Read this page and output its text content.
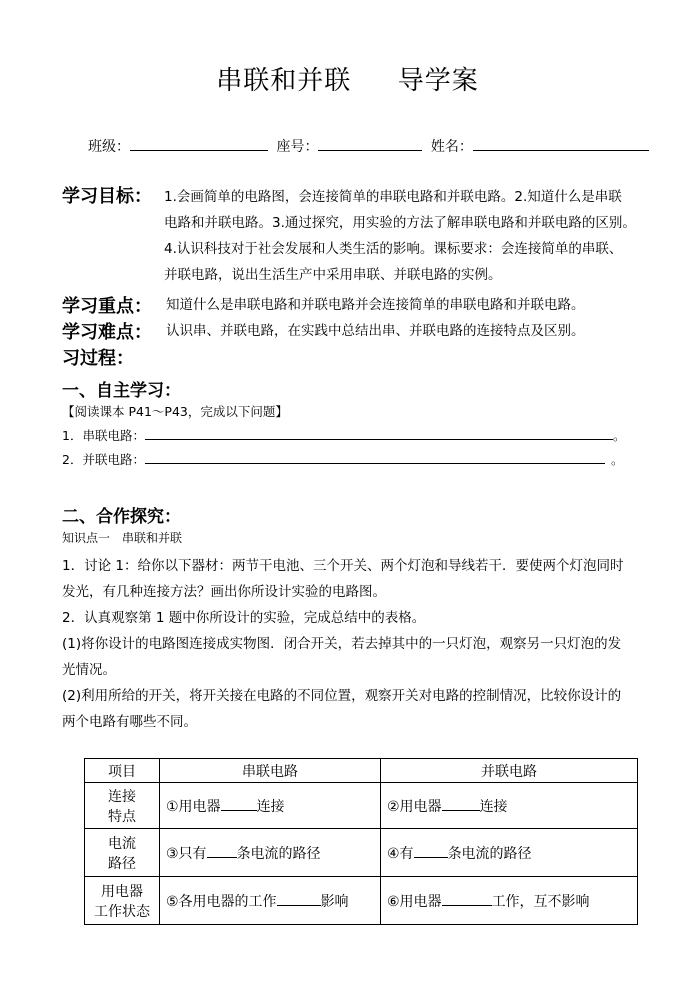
串联和并联 导学案
班级：	座号：	姓名：
学习目标： 1.会画简单的电路图，会连接简单的串联电路和并联电路。2.知道什么是串联
电路和并联电路。3.通过探究，用实验的方法了解串联电路和并联电路的区别。
4.认识科技对于社会发展和人类生活的影响。课标要求：会连接简单的串联、
并联电路，说出生活生产中采用串联、并联电路的实例。
学习重点： 知道什么是串联电路和并联电路并会连接简单的串联电路和并联电路。
学习难点： 认识串、并联电路，在实践中总结出串、并联电路的连接特点及区别。
习过程：
一、自主学习：
【阅读课本 P41～P43，完成以下问题】
1．串联电路：	。
2．并联电路：	。
二、合作探究：
知识点一　串联和并联
1．讨论 1：给你以下器材：两节干电池、三个开关、两个灯泡和导线若干．要使两个灯泡同时
发光，有几种连接方法？画出你所设计实验的电路图。
2．认真观察第 1 题中你所设计的实验，完成总结中的表格。
(1)将你设计的电路图连接成实物图．闭合开关，若去掉其中的一只灯泡，观察另一只灯泡的发
光情况。
(2)利用所给的开关，将开关接在电路的不同位置，观察开关对电路的控制情况，比较你设计的
两个电路有哪些不同。
项目	串联电路	并联电路

连接
特点	①用电器 连接	②用电器 连接

电流
路径	③只有 条电流的路径	④有 条电流的路径

用电器
工作状态	⑤各用电器的工作 影响	⑥用电器 工作，互不影响
